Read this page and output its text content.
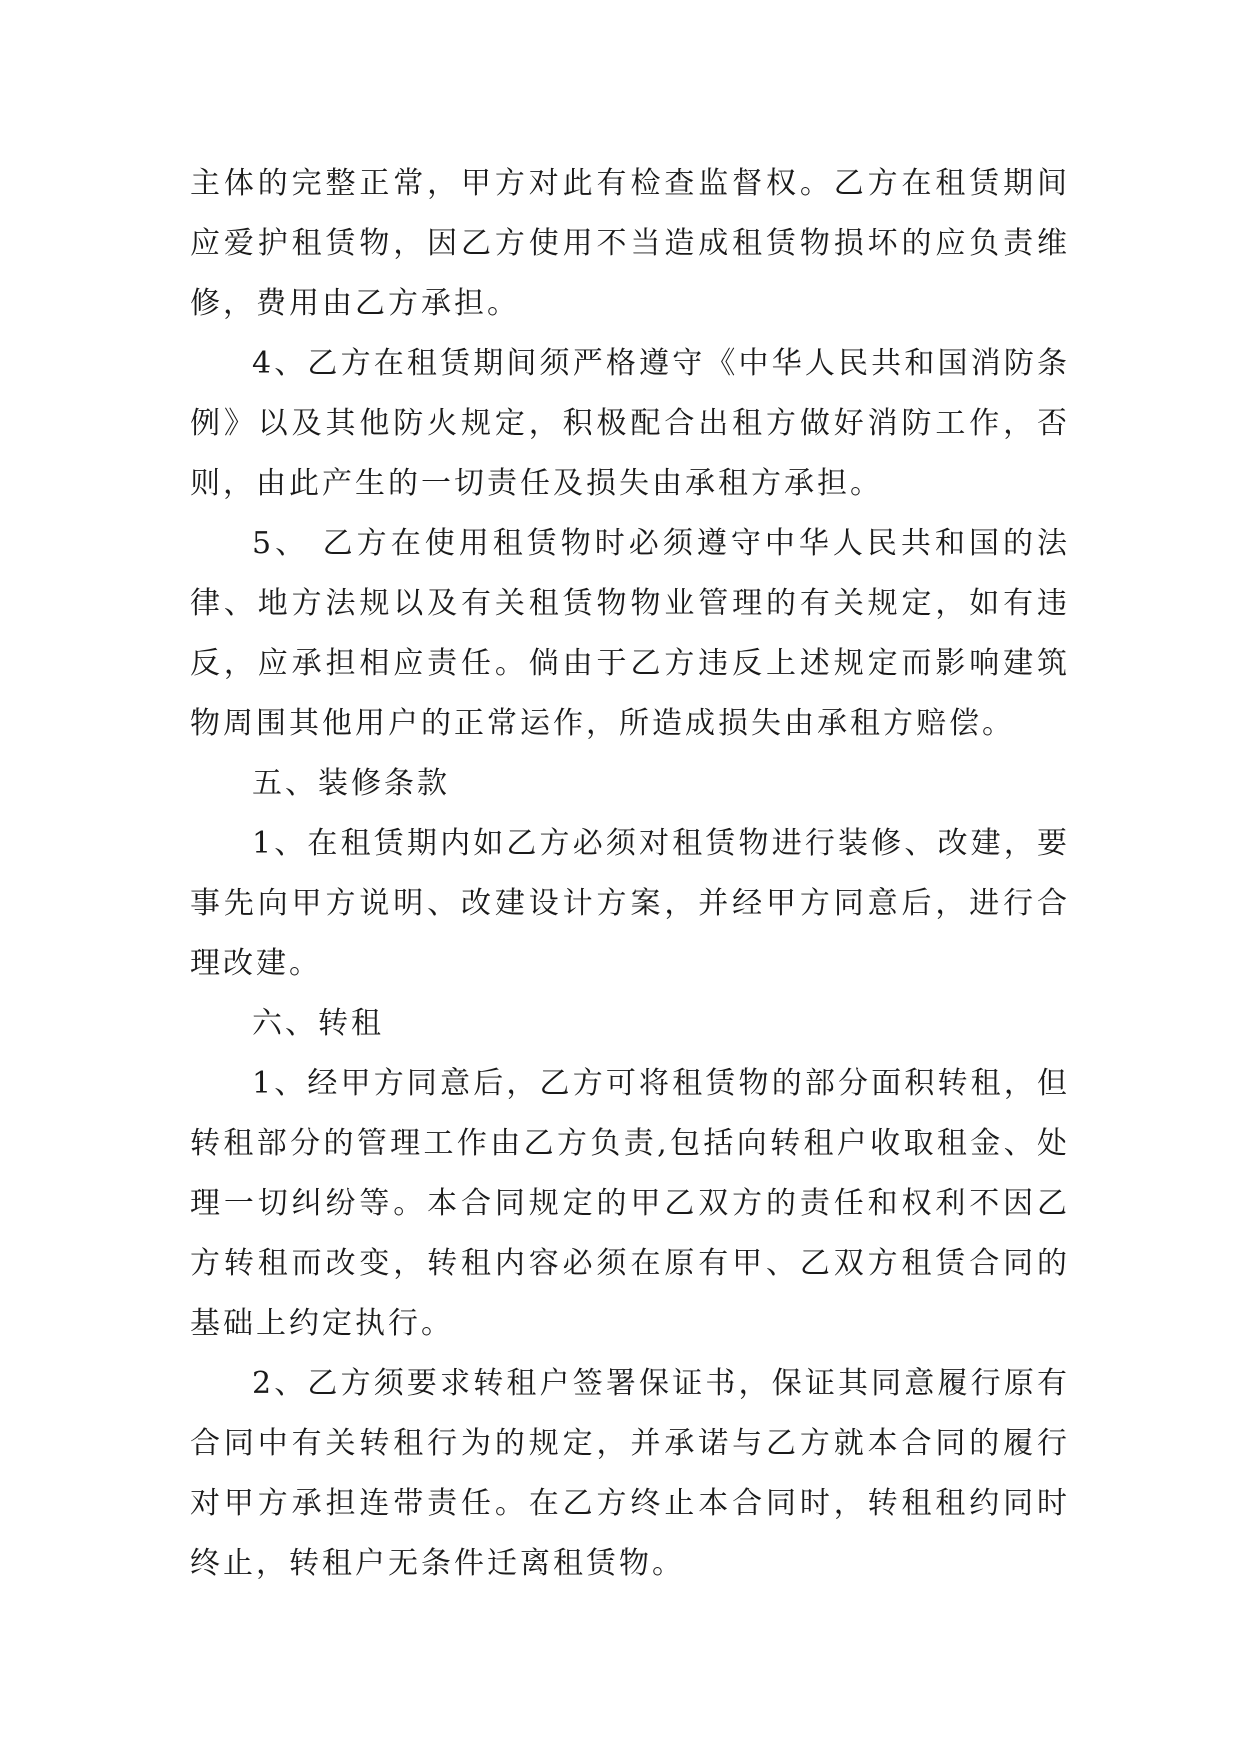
主体的完整正常，甲方对此有检查监督权。乙方在租赁期间应爱护租赁物，因乙方使用不当造成租赁物损坏的应负责维修，费用由乙方承担。

4、乙方在租赁期间须严格遵守《中华人民共和国消防条例》以及其他防火规定，积极配合出租方做好消防工作，否则，由此产生的一切责任及损失由承租方承担。

5、 乙方在使用租赁物时必须遵守中华人民共和国的法律、地方法规以及有关租赁物物业管理的有关规定，如有违反，应承担相应责任。倘由于乙方违反上述规定而影响建筑物周围其他用户的正常运作，所造成损失由承租方赔偿。

五、装修条款

1、在租赁期内如乙方必须对租赁物进行装修、改建，要事先向甲方说明、改建设计方案，并经甲方同意后，进行合理改建。

六、转租

1、经甲方同意后，乙方可将租赁物的部分面积转租，但转租部分的管理工作由乙方负责,包括向转租户收取租金、处理一切纠纷等。本合同规定的甲乙双方的责任和权利不因乙方转租而改变，转租内容必须在原有甲、乙双方租赁合同的基础上约定执行。

2、乙方须要求转租户签署保证书，保证其同意履行原有合同中有关转租行为的规定，并承诺与乙方就本合同的履行对甲方承担连带责任。在乙方终止本合同时，转租租约同时终止，转租户无条件迁离租赁物。
